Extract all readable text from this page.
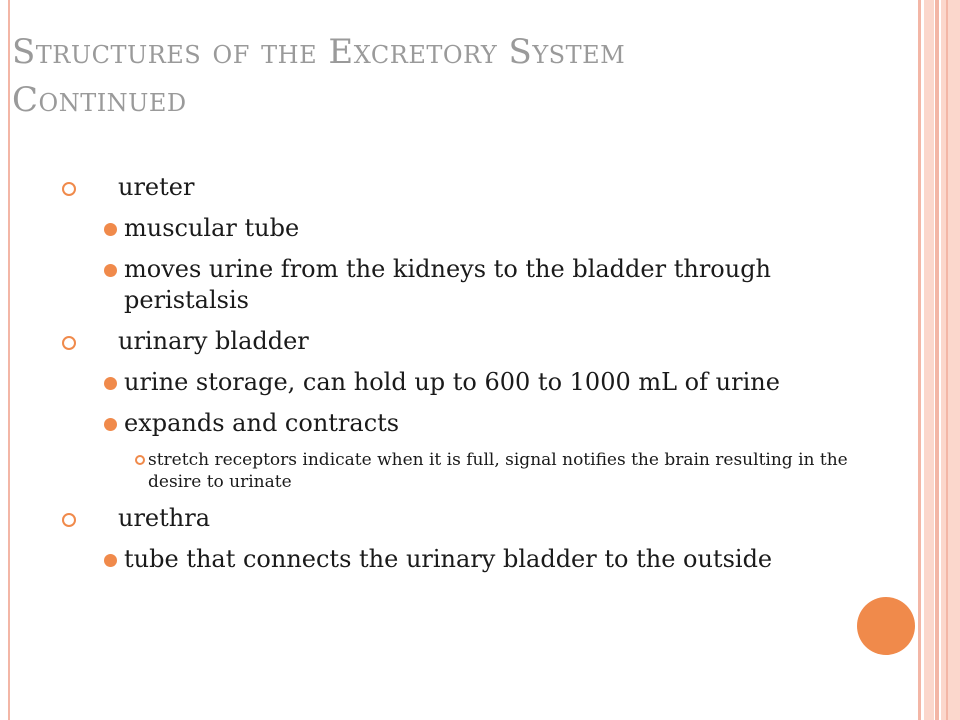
Structures of the Excretory System
Continued
ureter
muscular tube
moves urine from the kidneys to the bladder through peristalsis
urinary bladder
urine storage, can hold up to 600 to 1000 mL of urine
expands and contracts
stretch receptors indicate when it is full, signal notifies the brain resulting in the desire to urinate
urethra
tube that connects the urinary bladder to the outside
